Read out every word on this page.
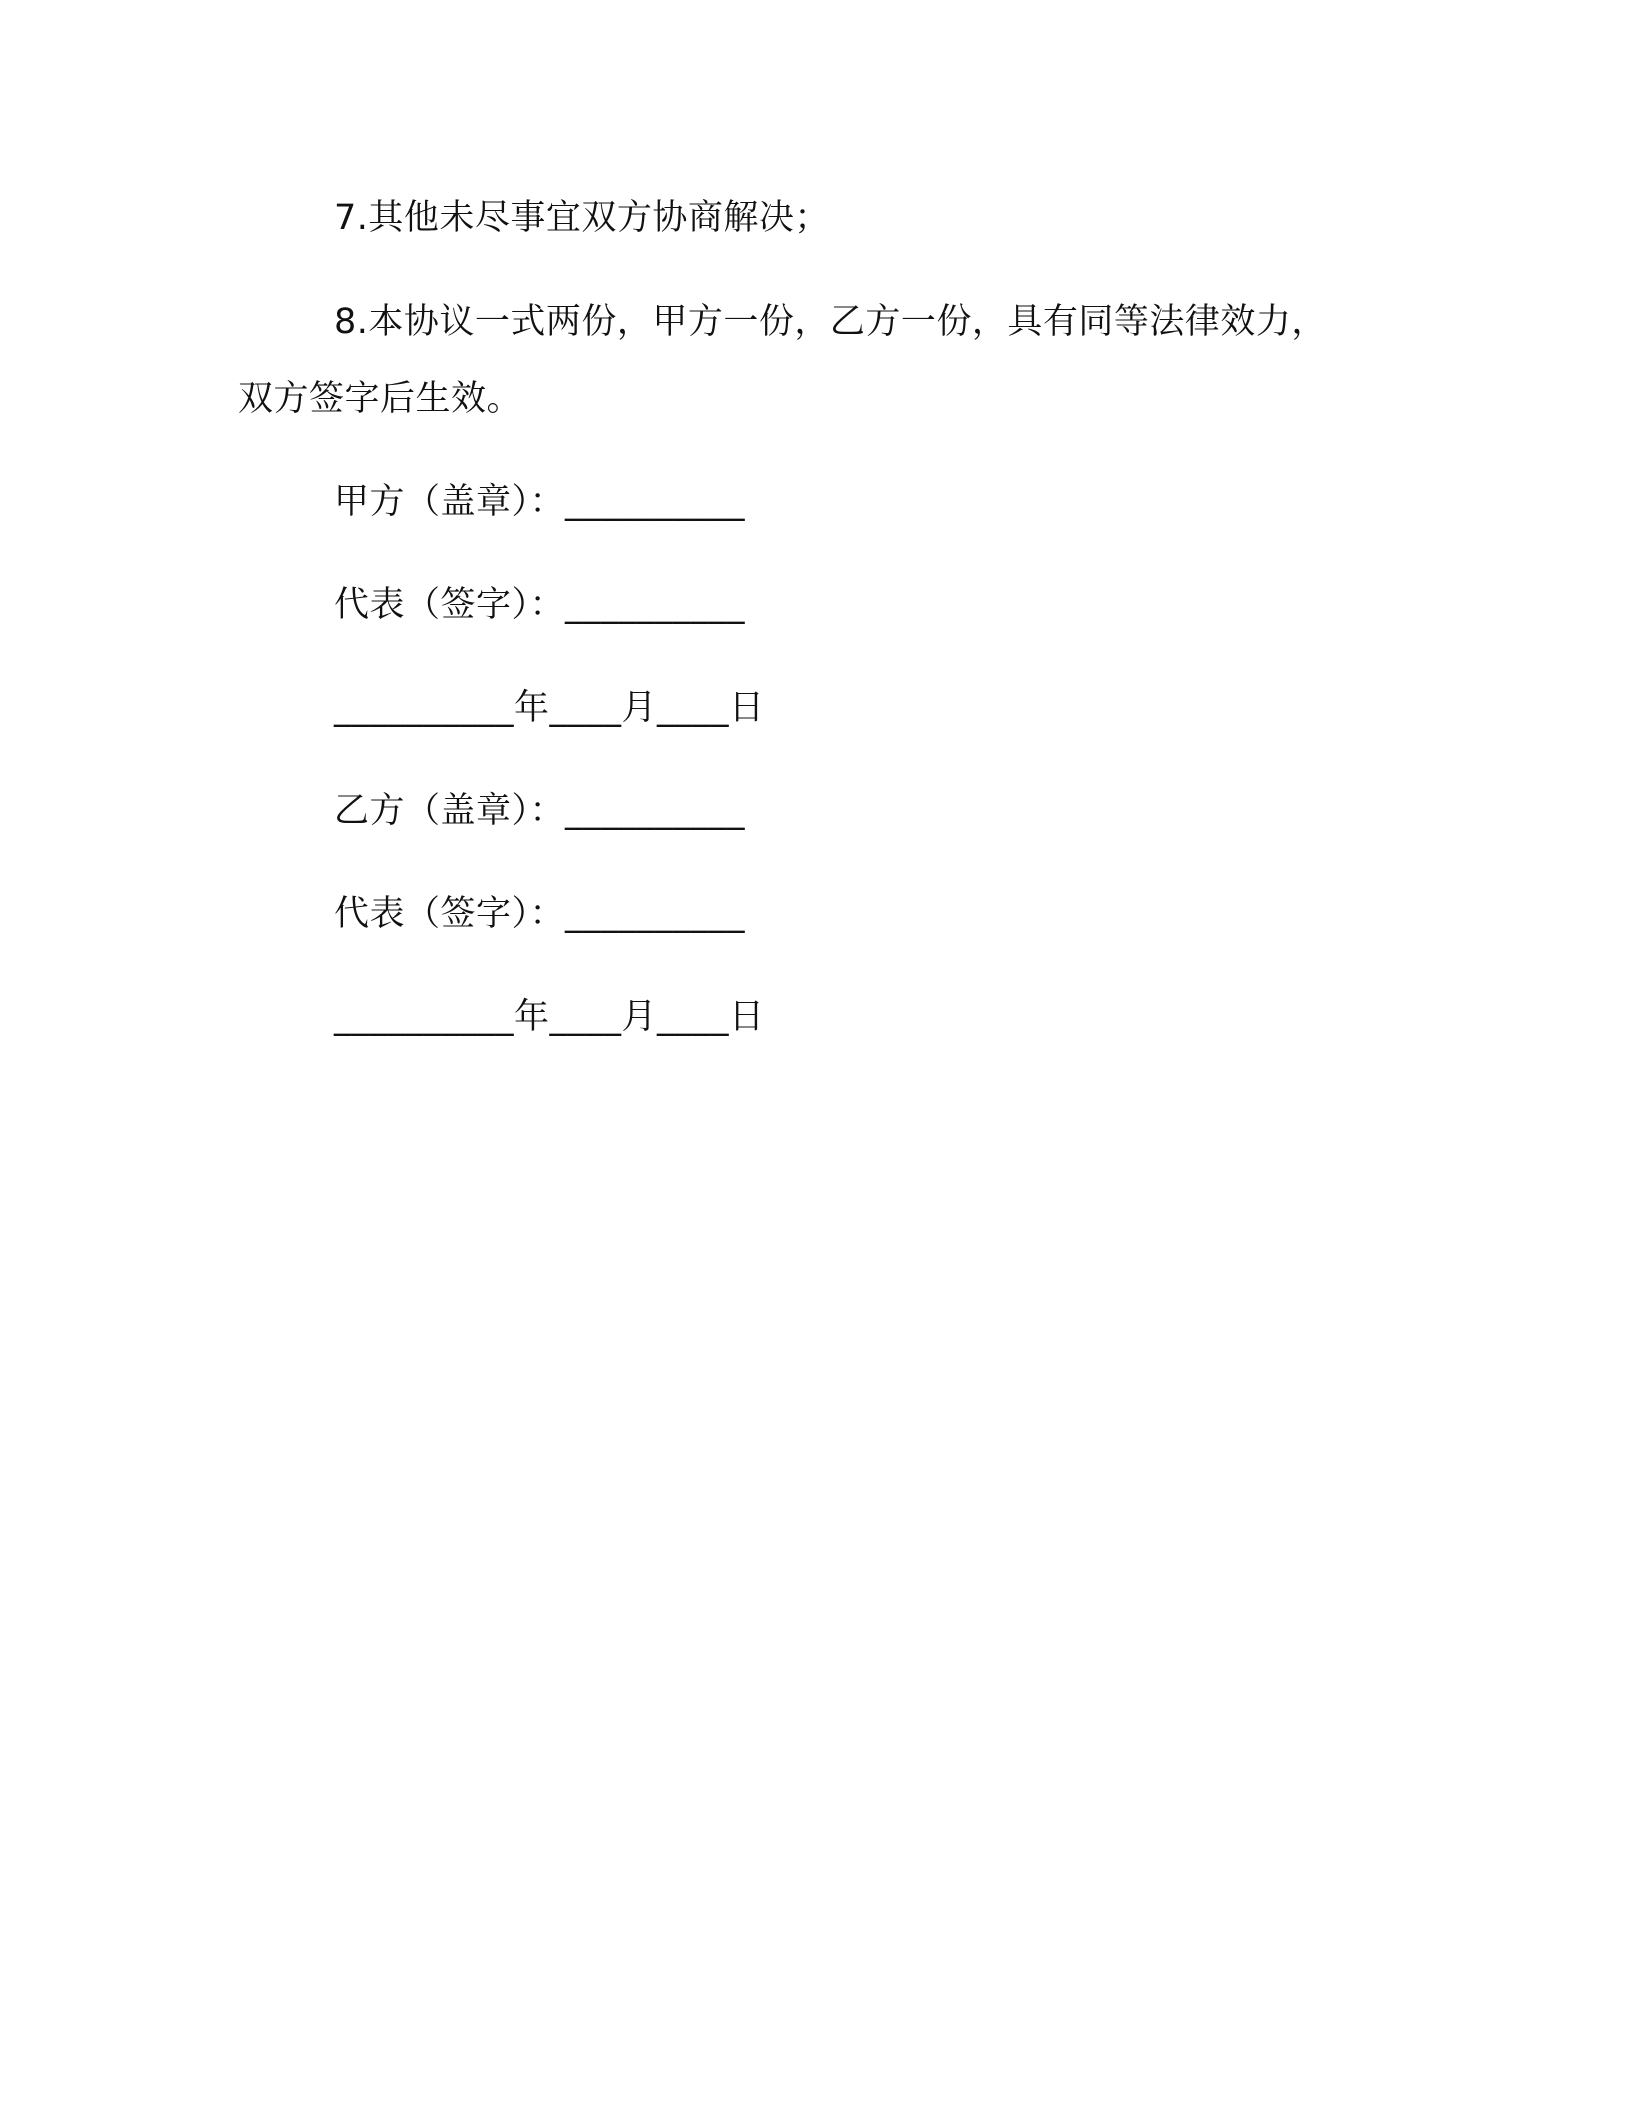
7.其他未尽事宜双方协商解决；
8.本协议一式两份，甲方一份，乙方一份，具有同等法律效力，
双方签字后生效。
甲方（盖章）：__________
代表（签字）：__________
__________年____月____日
乙方（盖章）：__________
代表（签字）：__________
__________年____月____日
